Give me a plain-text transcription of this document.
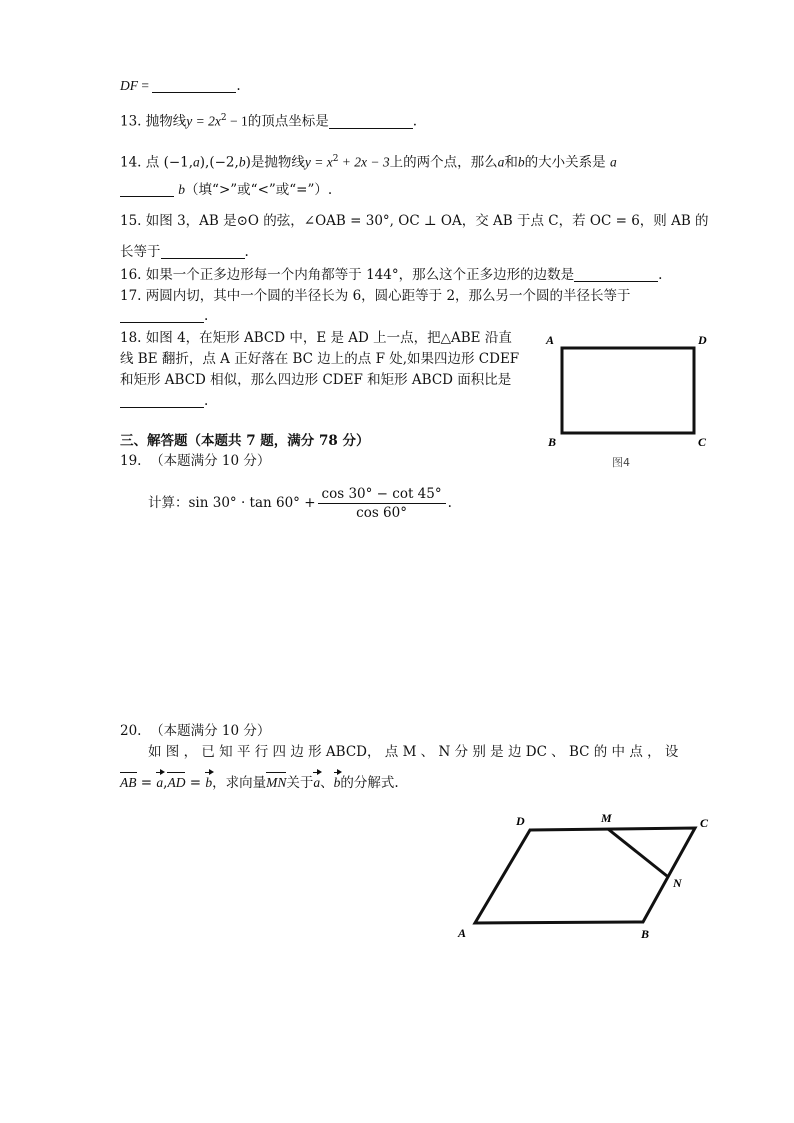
DF =	.
13. 抛物线$y = 2x^2 - 1$的顶点坐标是	.
14. 点 (−1,a),(−2,b)是抛物线$y = x^2 + 2x - 3$上的两个点，那么a和b的大小关系是 a
b（填“>”或“<”或“=”）.
15. 如图 3，AB 是⊙O 的弦，∠OAB = 30°, OC ⊥ OA，交 AB 于点 C，若 OC = 6，则 AB 的
长等于	.
16. 如果一个正多边形每一个内角都等于 144°，那么这个正多边形的边数是	.
17. 两圆内切，其中一个圆的半径长为 6，圆心距等于 2，那么另一个圆的半径长等于
.
18. 如图 4，在矩形 ABCD 中，E 是 AD 上一点，把△ABE 沿直
线 BE 翻折，点 A 正好落在 BC 边上的点 F 处,如果四边形 CDEF
和矩形 ABCD 相似，那么四边形 CDEF 和矩形 ABCD 面积比是
.
A	D
B	C
图4
三、解答题（本题共 7 题，满分 78 分）
19. （本题满分 10 分）
计算：$\sin 30^\circ \cdot \tan 60^\circ + \frac{\cos 30^\circ - \cot 45^\circ}{\cos 60^\circ}$ .
20. （本题满分 10 分）
如 图 ， 已 知 平 行 四 边 形 ABCD， 点 M 、 N 分 别 是 边 DC 、 BC 的 中 点 ， 设
AB = a,AD = b，求向量MN关于a、b的分解式.
D	M	C
N
A	B
